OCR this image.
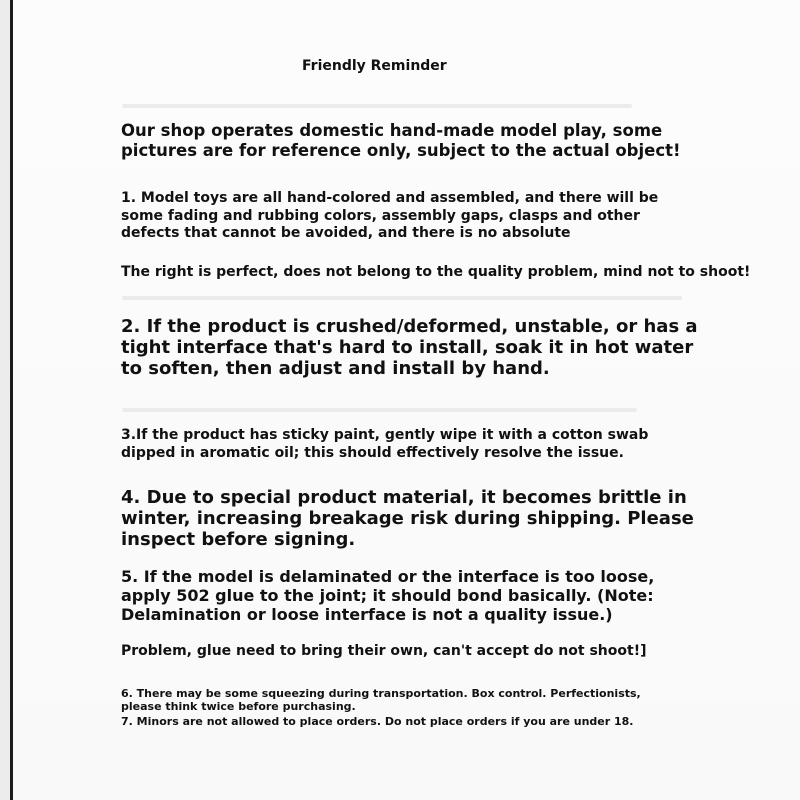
Friendly Reminder
Our shop operates domestic hand-made model play, some
pictures are for reference only, subject to the actual object!
1. Model toys are all hand-colored and assembled, and there will be
some fading and rubbing colors, assembly gaps, clasps and other
defects that cannot be avoided, and there is no absolute
The right is perfect, does not belong to the quality problem, mind not to shoot!
2. If the product is crushed/deformed, unstable, or has a
tight interface that's hard to install, soak it in hot water
to soften, then adjust and install by hand.
3.If the product has sticky paint, gently wipe it with a cotton swab
dipped in aromatic oil; this should effectively resolve the issue.
4. Due to special product material, it becomes brittle in
winter, increasing breakage risk during shipping. Please
inspect before signing.
5. If the model is delaminated or the interface is too loose,
apply 502 glue to the joint; it should bond basically. (Note:
Delamination or loose interface is not a quality issue.)
Problem, glue need to bring their own, can't accept do not shoot!]
6. There may be some squeezing during transportation. Box control. Perfectionists,
please think twice before purchasing.
7. Minors are not allowed to place orders. Do not place orders if you are under 18.
